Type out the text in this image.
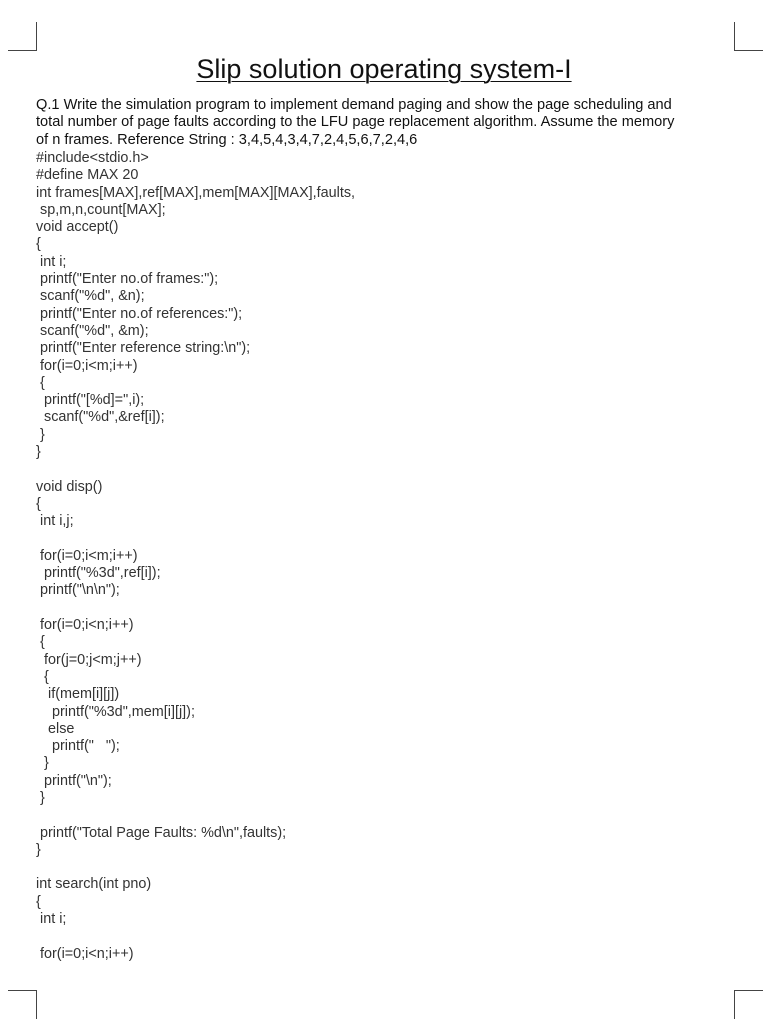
Slip solution operating system-I
Q.1 Write the simulation program to implement demand paging and show the page scheduling and
total number of page faults according to the LFU page replacement algorithm. Assume the memory
of n frames. Reference String : 3,4,5,4,3,4,7,2,4,5,6,7,2,4,6
#include<stdio.h>
#define MAX 20
int frames[MAX],ref[MAX],mem[MAX][MAX],faults,
sp,m,n,count[MAX];
void accept()
{
int i;
printf("Enter no.of frames:");
scanf("%d", &n);
printf("Enter no.of references:");
scanf("%d", &m);
printf("Enter reference string:\n");
for(i=0;i<m;i++)
{
printf("[%d]=",i);
scanf("%d",&ref[i]);
}
}
void disp()
{
int i,j;
for(i=0;i<m;i++)
printf("%3d",ref[i]);
printf("\n\n");
for(i=0;i<n;i++)
{
for(j=0;j<m;j++)
{
if(mem[i][j])
printf("%3d",mem[i][j]);
else
printf("   ");
}
printf("\n");
}
printf("Total Page Faults: %d\n",faults);
}
int search(int pno)
{
int i;
for(i=0;i<n;i++)
